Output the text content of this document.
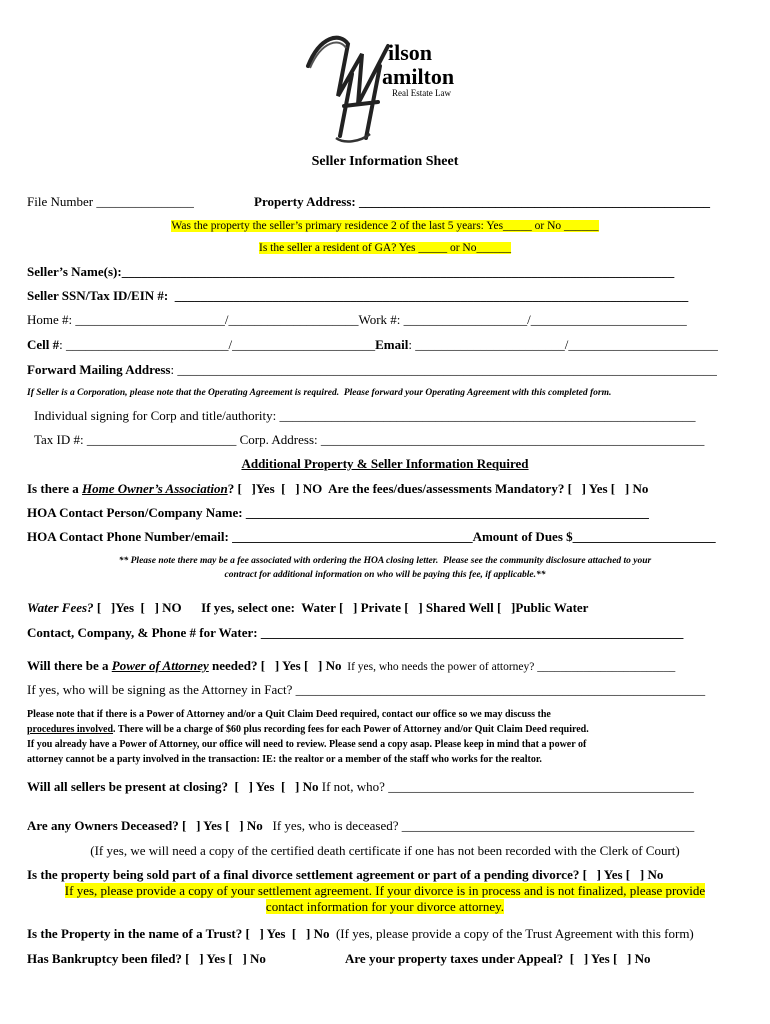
ilson
amilton
Real Estate Law
Seller Information Sheet
File Number _______________	Property Address: ______________________________________________________
Was the property the seller’s primary residence 2 of the last 5 years: Yes_____ or No ______
Is the seller a resident of GA? Yes _____ or No______
Seller’s Name(s):_____________________________________________________________________________________
Seller SSN/Tax ID/EIN #:  _______________________________________________________________________________
Home #: _______________________/____________________Work #: ___________________/________________________
Cell #: _________________________/______________________Email: _______________________/_______________________
Forward Mailing Address: ___________________________________________________________________________________
If Seller is a Corporation, please note that the Operating Agreement is required.  Please forward your Operating Agreement with this completed form.
Individual signing for Corp and title/authority: ________________________________________________________________
Tax ID #: _______________________ Corp. Address: ___________________________________________________________
Additional Property & Seller Information Required
Is there a Home Owner’s Association? [   ]Yes  [   ] NO  Are the fees/dues/assessments Mandatory? [   ] Yes [   ] No
HOA Contact Person/Company Name: ______________________________________________________________
HOA Contact Phone Number/email: _____________________________________Amount of Dues $______________________
** Please note there may be a fee associated with ordering the HOA closing letter.  Please see the community disclosure attached to your
contract for additional information on who will be paying this fee, if applicable.**
Water Fees? [   ]Yes  [   ] NO      If yes, select one:  Water [   ] Private [   ] Shared Well [   ]Public Water
Contact, Company, & Phone # for Water: _________________________________________________________________
Will there be a Power of Attorney needed? [   ] Yes [   ] No  If yes, who needs the power of attorney? ________________________
If yes, who will be signing as the Attorney in Fact? _______________________________________________________________
Please note that if there is a Power of Attorney and/or a Quit Claim Deed required, contact our office so we may discuss the
procedures involved. There will be a charge of $60 plus recording fees for each Power of Attorney and/or Quit Claim Deed required.
If you already have a Power of Attorney, our office will need to review. Please send a copy asap. Please keep in mind that a power of
attorney cannot be a party involved in the transaction: IE: the realtor or a member of the staff who works for the realtor.
Will all sellers be present at closing?  [   ] Yes  [   ] No If not, who? _______________________________________________
Are any Owners Deceased? [   ] Yes [   ] No   If yes, who is deceased? _____________________________________________
(If yes, we will need a copy of the certified death certificate if one has not been recorded with the Clerk of Court)
Is the property being sold part of a final divorce settlement agreement or part of a pending divorce? [   ] Yes [   ] No
If yes, please provide a copy of your settlement agreement. If your divorce is in process and is not finalized, please provide
contact information for your divorce attorney.
Is the Property in the name of a Trust? [   ] Yes  [   ] No  (If yes, please provide a copy of the Trust Agreement with this form)
Has Bankruptcy been filed? [   ] Yes [   ] No	Are your property taxes under Appeal?  [   ] Yes [   ] No
